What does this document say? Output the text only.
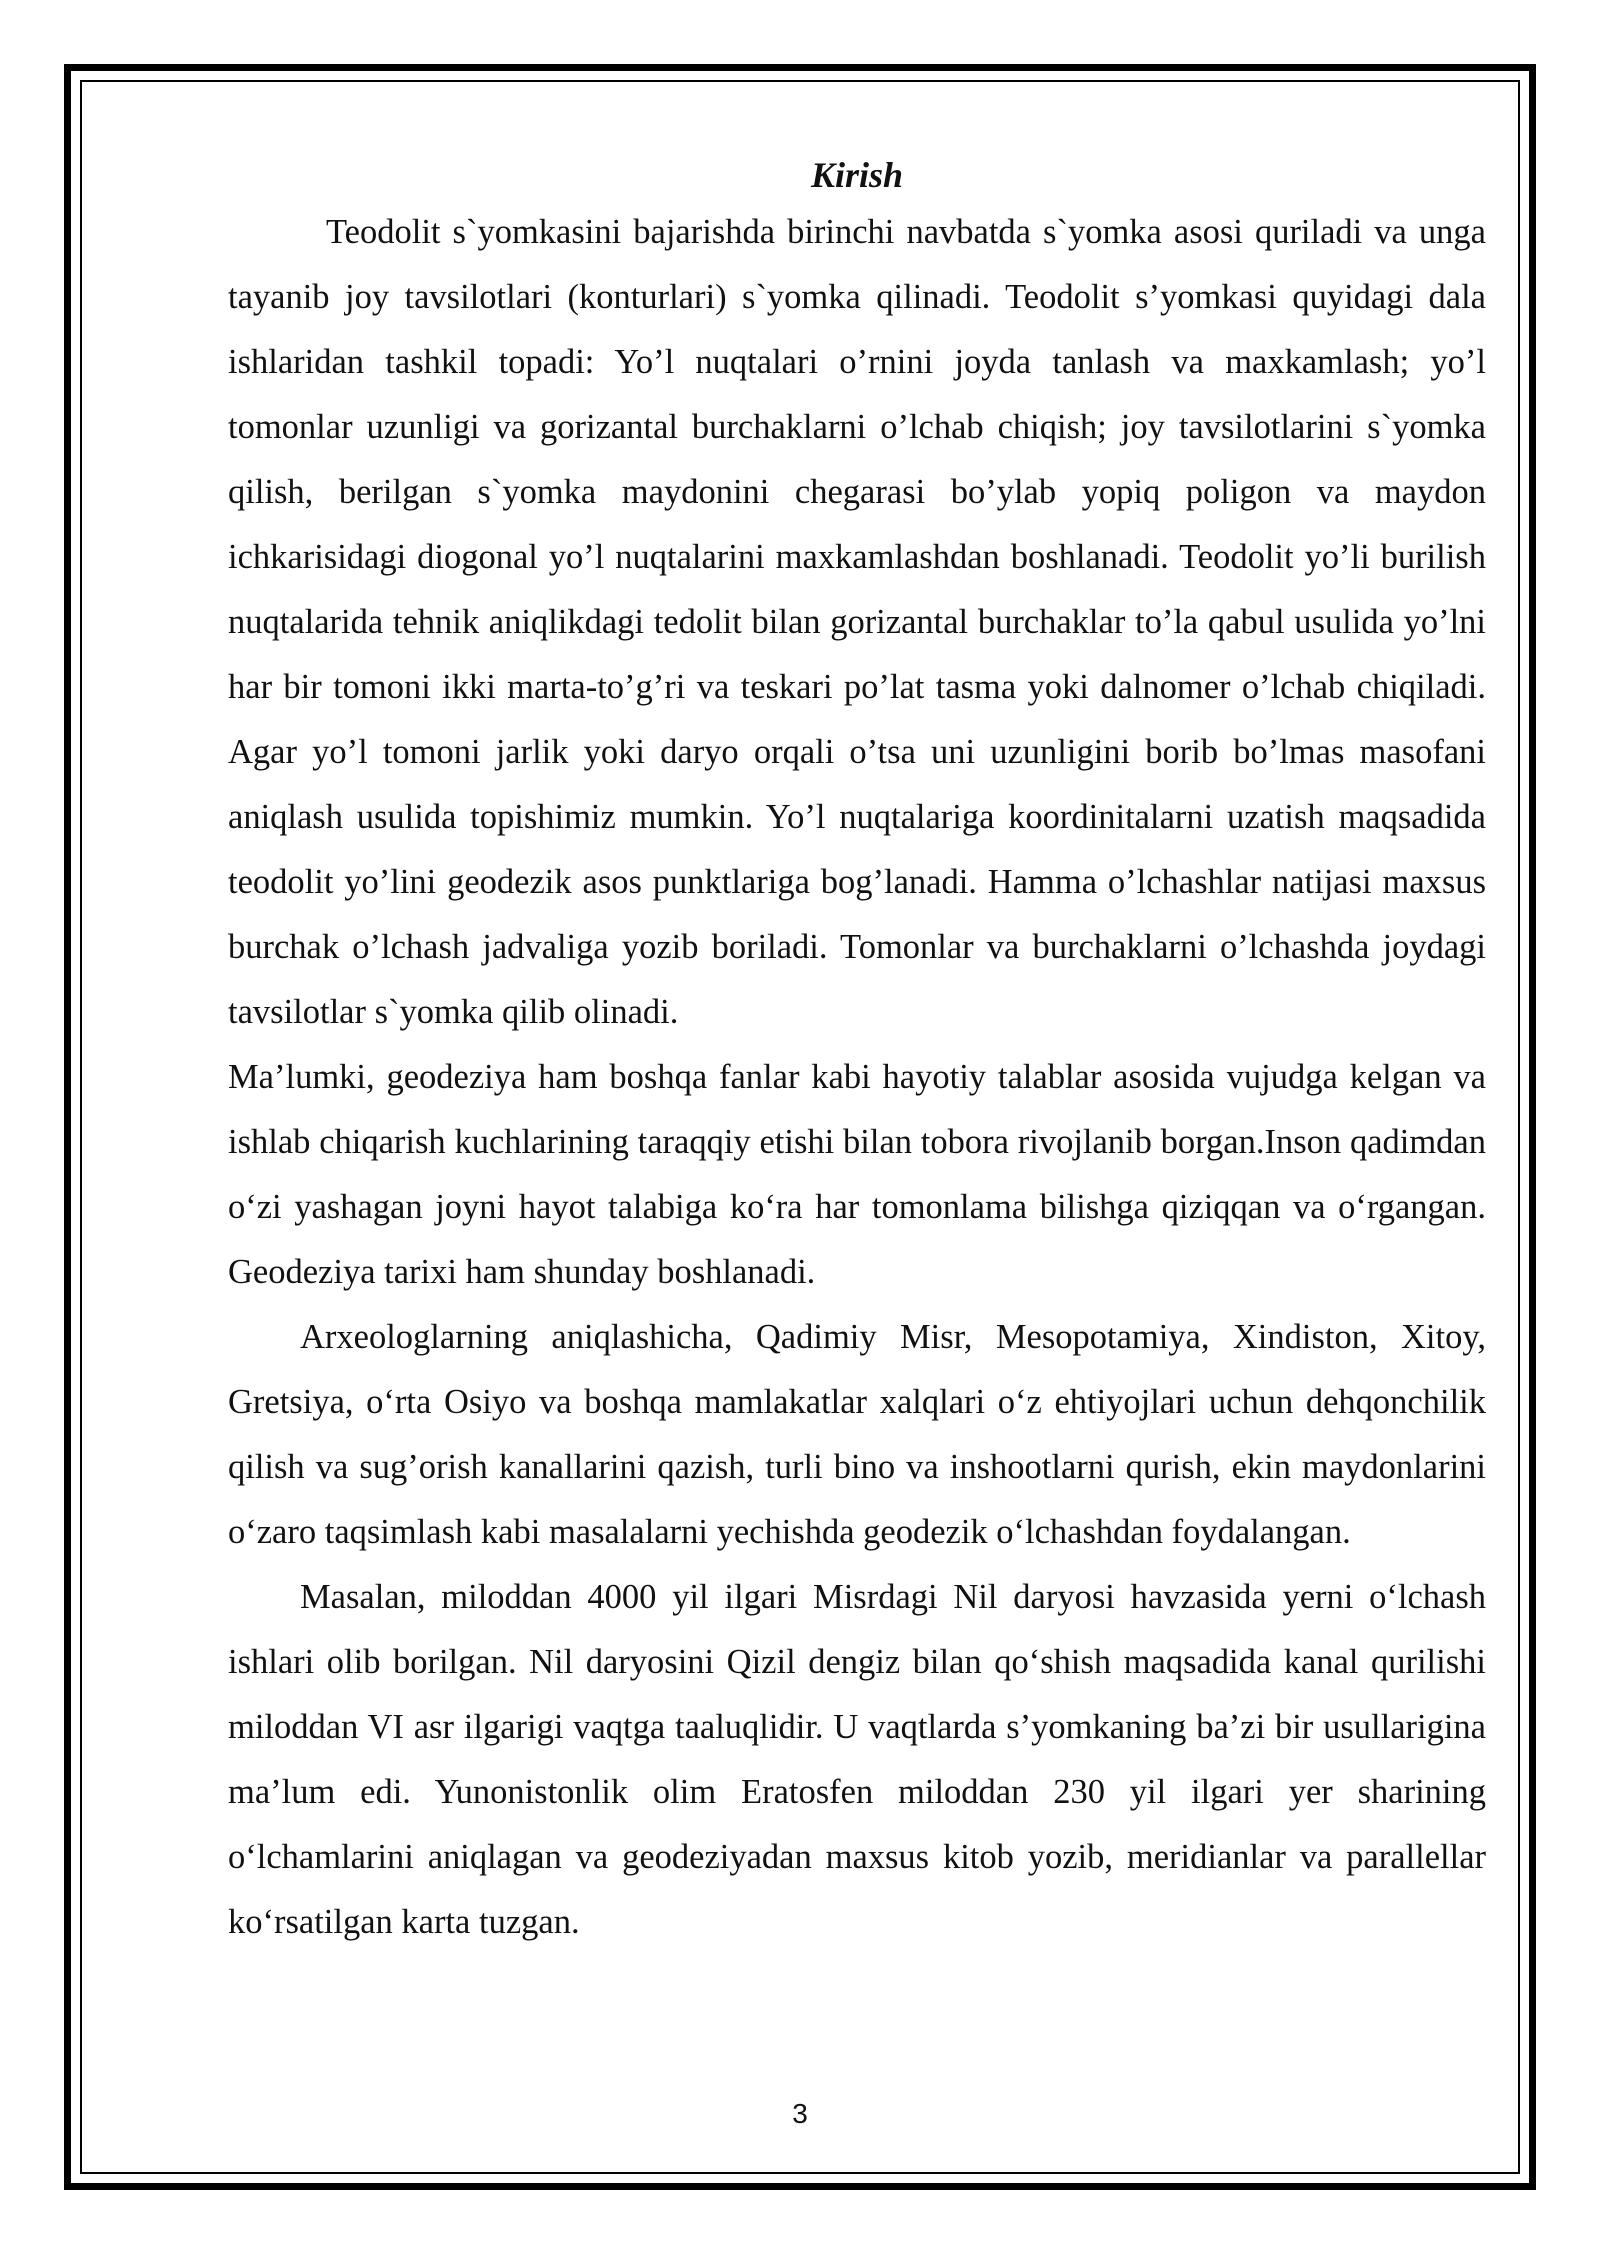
Kirish

Teodolit s`yomkasini bajarishda birinchi navbatda s`yomka asosi quriladi va unga tayanib joy tavsilotlari (konturlari) s`yomka qilinadi. Teodolit s’yomkasi quyidagi dala ishlaridan tashkil topadi: Yo’l nuqtalari o’rnini joyda tanlash va maxkamlash; yo’l tomonlar uzunligi va gorizantal burchaklarni o’lchab chiqish; joy tavsilotlarini s`yomka qilish, berilgan s`yomka maydonini chegarasi bo’ylab yopiq poligon va maydon ichkarisidagi diogonal yo’l nuqtalarini maxkamlashdan boshlanadi. Teodolit yo’li burilish nuqtalarida tehnik aniqlikdagi tedolit bilan gorizantal burchaklar to’la qabul usulida yo’lni har bir tomoni ikki marta-to’g’ri va teskari po’lat tasma yoki dalnomer o’lchab chiqiladi. Agar yo’l tomoni jarlik yoki daryo orqali o’tsa uni uzunligini borib bo’lmas masofani aniqlash usulida topishimiz mumkin. Yo’l nuqtalariga koordinitalarni uzatish maqsadida teodolit yo’lini geodezik asos punktlariga bog’lanadi. Hamma o’lchashlar natijasi maxsus burchak o’lchash jadvaliga yozib boriladi. Tomonlar va burchaklarni o’lchashda joydagi tavsilotlar s`yomka qilib olinadi.

Ma’lumki, geodeziya ham boshqa fanlar kabi hayotiy talablar asosida vujudga kelgan va ishlab chiqarish kuchlarining taraqqiy etishi bilan tobora rivojlanib borgan.Inson qadimdan o‘zi yashagan joyni hayot talabiga ko‘ra har tomonlama bilishga qiziqqan va o‘rgangan. Geodeziya tarixi ham shunday boshlanadi.

Arxeologlarning aniqlashicha, Qadimiy Misr, Mesopotamiya, Xindiston, Xitoy, Gretsiya, o‘rta Osiyo va boshqa mamlakatlar xalqlari o‘z ehtiyojlari uchun dehqonchilik qilish va sug’orish kanallarini qazish, turli bino va inshootlarni qurish, ekin maydonlarini o‘zaro taqsimlash kabi masalalarni yechishda geodezik o‘lchashdan foydalangan.

Masalan, miloddan 4000 yil ilgari Misrdagi Nil daryosi havzasida yerni o‘lchash ishlari olib borilgan. Nil daryosini Qizil dengiz bilan qo‘shish maqsadida kanal qurilishi miloddan VI asr ilgarigi vaqtga taaluqlidir. U vaqtlarda s’yomkaning ba’zi bir usullarigina ma’lum edi. Yunonistonlik olim Eratosfen miloddan 230 yil ilgari yer sharining o‘lchamlarini aniqlagan va geodeziyadan maxsus kitob yozib, meridianlar va parallellar ko‘rsatilgan karta tuzgan.

3
